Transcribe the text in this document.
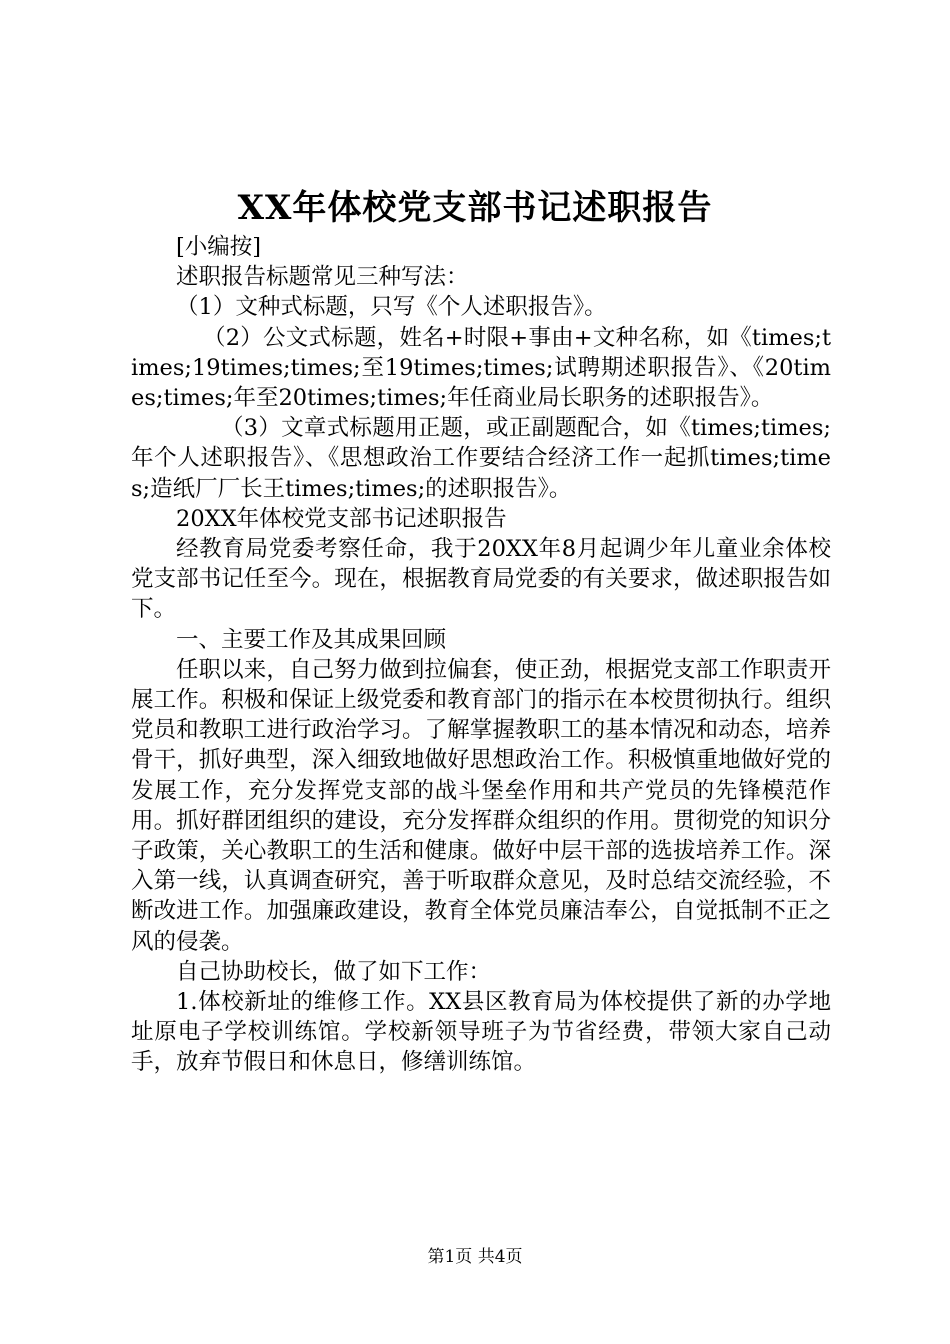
XX年体校党支部书记述职报告

[小编按]

述职报告标题常见三种写法：

（1）文种式标题，只写《个人述职报告》。

（2）公文式标题，姓名+时限+事由+文种名称，如《times;times;19times;times;至19times;times;试聘期述职报告》、《20times;times;年至20times;times;年任商业局长职务的述职报告》。

（3）文章式标题用正题，或正副题配合，如《times;times;年个人述职报告》、《思想政治工作要结合经济工作一起抓times;times;造纸厂厂长王times;times;的述职报告》。

20XX年体校党支部书记述职报告

经教育局党委考察任命，我于20XX年8月起调少年儿童业余体校党支部书记任至今。现在，根据教育局党委的有关要求，做述职报告如下。

一、主要工作及其成果回顾

任职以来，自己努力做到拉偏套，使正劲，根据党支部工作职责开展工作。积极和保证上级党委和教育部门的指示在本校贯彻执行。组织党员和教职工进行政治学习。了解掌握教职工的基本情况和动态，培养骨干，抓好典型，深入细致地做好思想政治工作。积极慎重地做好党的发展工作，充分发挥党支部的战斗堡垒作用和共产党员的先锋模范作用。抓好群团组织的建设，充分发挥群众组织的作用。贯彻党的知识分子政策，关心教职工的生活和健康。做好中层干部的选拔培养工作。深入第一线，认真调查研究，善于听取群众意见，及时总结交流经验，不断改进工作。加强廉政建设，教育全体党员廉洁奉公，自觉抵制不正之风的侵袭。

自己协助校长，做了如下工作：

1.体校新址的维修工作。XX县区教育局为体校提供了新的办学地址原电子学校训练馆。学校新领导班子为节省经费，带领大家自己动手，放弃节假日和休息日，修缮训练馆。

第1页 共4页
